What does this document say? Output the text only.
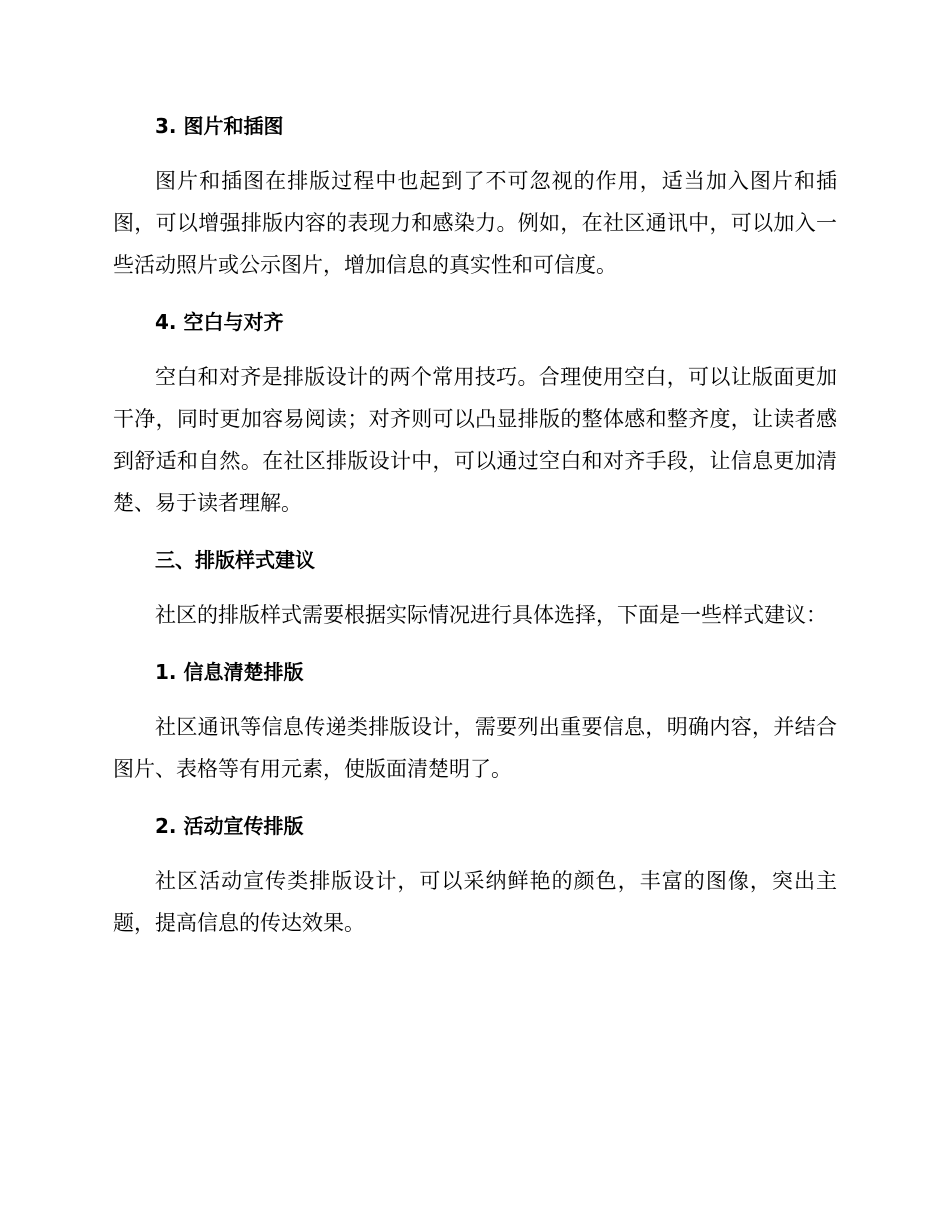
3. 图片和插图

图片和插图在排版过程中也起到了不可忽视的作用，适当加入图片和插图，可以增强排版内容的表现力和感染力。例如，在社区通讯中，可以加入一些活动照片或公示图片，增加信息的真实性和可信度。

4. 空白与对齐

空白和对齐是排版设计的两个常用技巧。合理使用空白，可以让版面更加干净，同时更加容易阅读；对齐则可以凸显排版的整体感和整齐度，让读者感到舒适和自然。在社区排版设计中，可以通过空白和对齐手段，让信息更加清楚、易于读者理解。

三、排版样式建议

社区的排版样式需要根据实际情况进行具体选择，下面是一些样式建议：

1. 信息清楚排版

社区通讯等信息传递类排版设计，需要列出重要信息，明确内容，并结合图片、表格等有用元素，使版面清楚明了。

2. 活动宣传排版

社区活动宣传类排版设计，可以采纳鲜艳的颜色，丰富的图像，突出主题，提高信息的传达效果。
